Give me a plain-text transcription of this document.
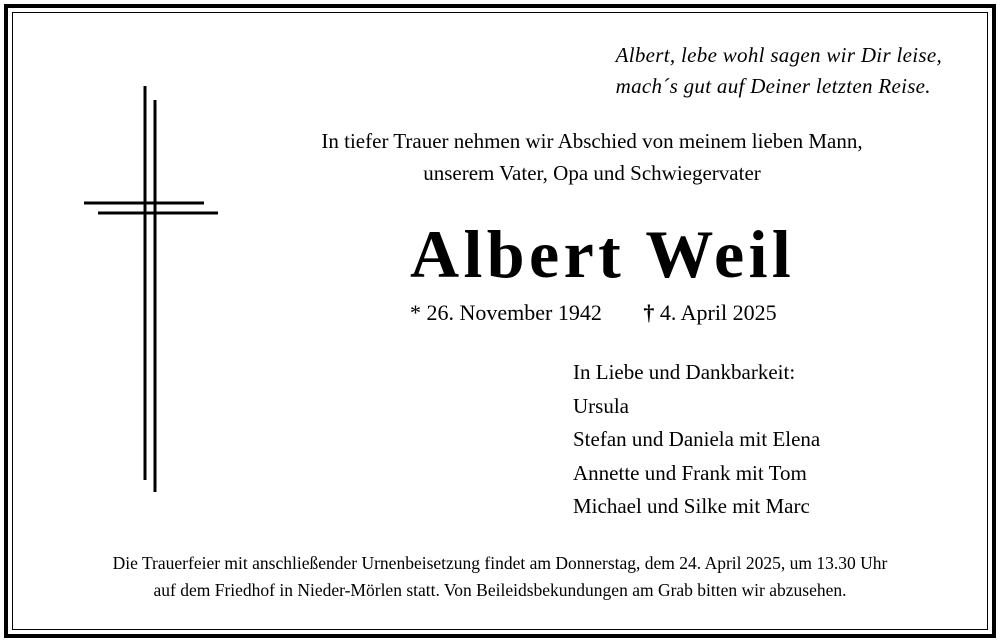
Albert, lebe wohl sagen wir Dir leise,
mach´s gut auf Deiner letzten Reise.
In tiefer Trauer nehmen wir Abschied von meinem lieben Mann,
unserem Vater, Opa und Schwiegervater
Albert Weil
* 26. November 1942 † 4. April 2025
In Liebe und Dankbarkeit:
Ursula
Stefan und Daniela mit Elena
Annette und Frank mit Tom
Michael und Silke mit Marc
Die Trauerfeier mit anschließender Urnenbeisetzung findet am Donnerstag, dem 24. April 2025, um 13.30 Uhr
auf dem Friedhof in Nieder-Mörlen statt. Von Beileidsbekundungen am Grab bitten wir abzusehen.
